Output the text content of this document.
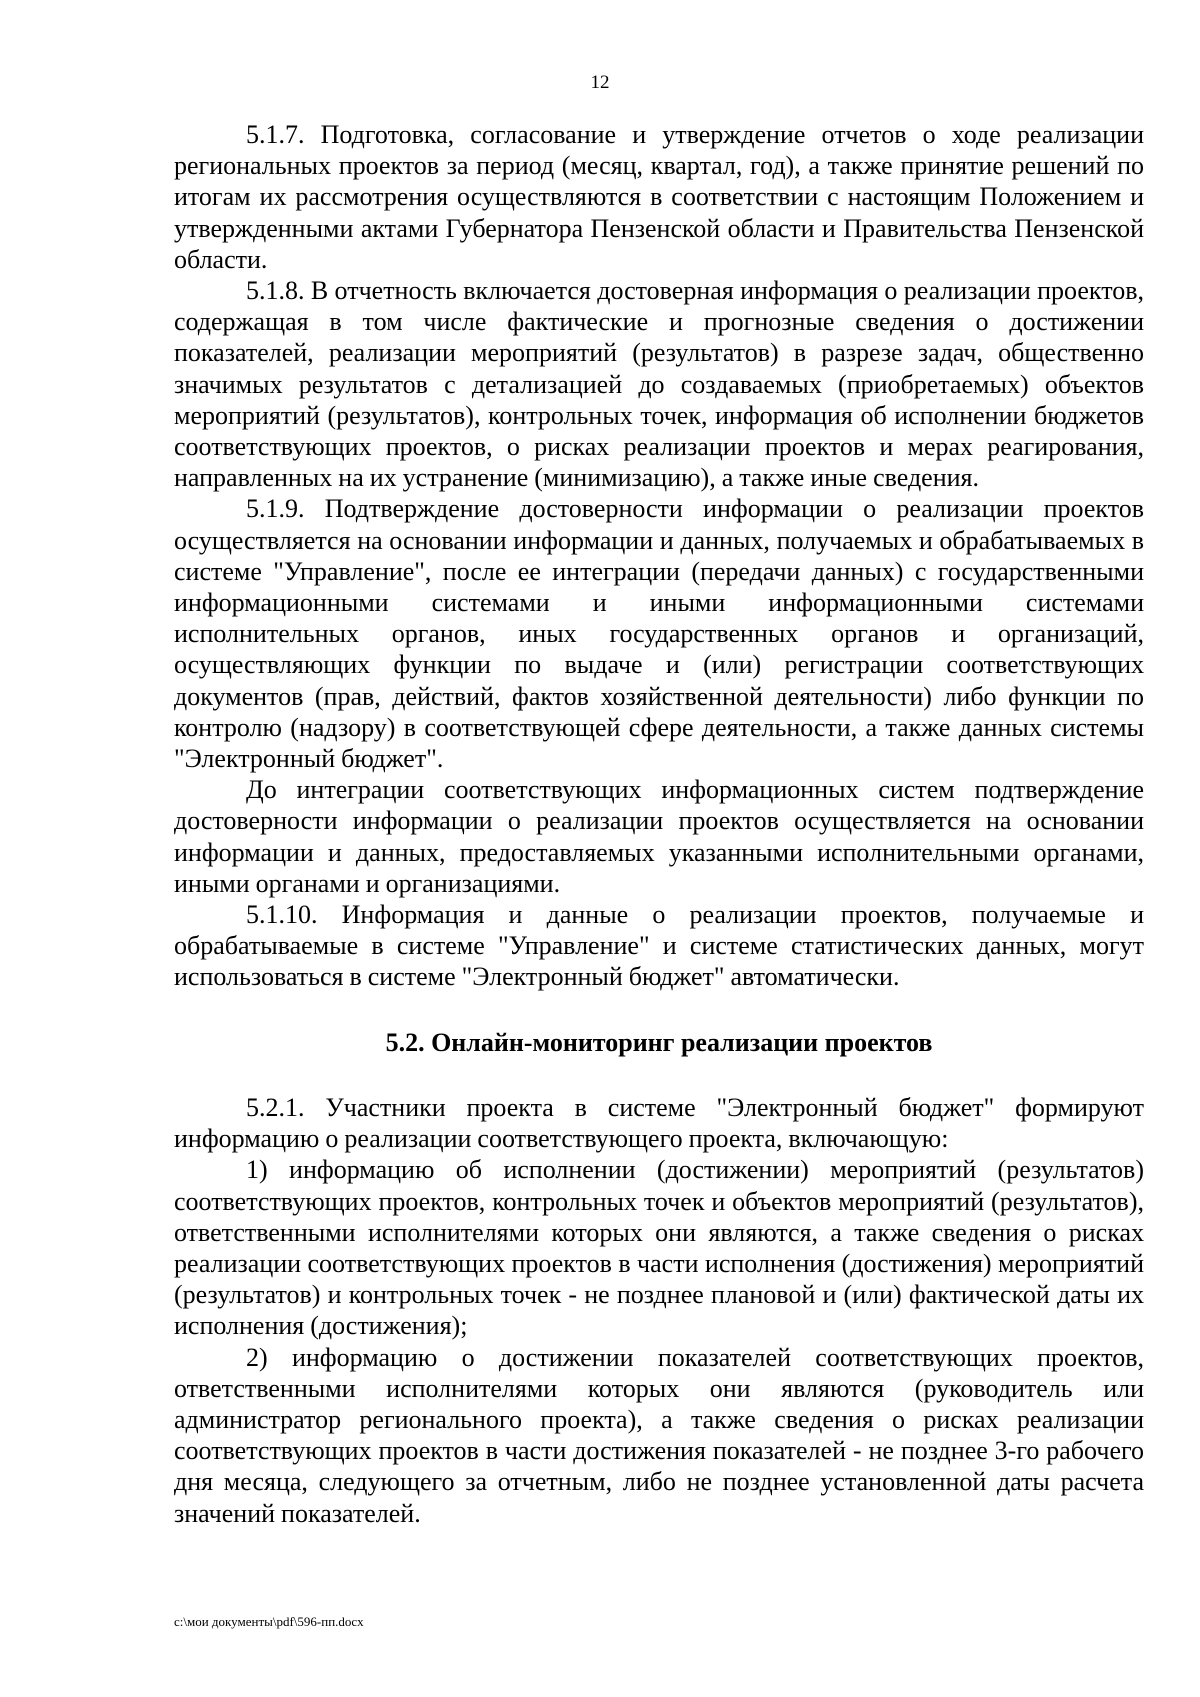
12

5.1.7. Подготовка, согласование и утверждение отчетов о ходе реализации региональных проектов за период (месяц, квартал, год), а также принятие решений по итогам их рассмотрения осуществляются в соответствии с настоящим Положением и утвержденными актами Губернатора Пензенской области и Правительства Пензенской области.

5.1.8. В отчетность включается достоверная информация о реализации проектов, содержащая в том числе фактические и прогнозные сведения о достижении показателей, реализации мероприятий (результатов) в разрезе задач, общественно значимых результатов с детализацией до создаваемых (приобретаемых) объектов мероприятий (результатов), контрольных точек, информация об исполнении бюджетов соответствующих проектов, о рисках реализации проектов и мерах реагирования, направленных на их устранение (минимизацию), а также иные сведения.

5.1.9. Подтверждение достоверности информации о реализации проектов осуществляется на основании информации и данных, получаемых и обрабатываемых в системе "Управление", после ее интеграции (передачи данных) с государственными информационными системами и иными информационными системами исполнительных органов, иных государственных органов и организаций, осуществляющих функции по выдаче и (или) регистрации соответствующих документов (прав, действий, фактов хозяйственной деятельности) либо функции по контролю (надзору) в соответствующей сфере деятельности, а также данных системы "Электронный бюджет".

До интеграции соответствующих информационных систем подтверждение достоверности информации о реализации проектов осуществляется на основании информации и данных, предоставляемых указанными исполнительными органами, иными органами и организациями.

5.1.10. Информация и данные о реализации проектов, получаемые и обрабатываемые в системе "Управление" и системе статистических данных, могут использоваться в системе "Электронный бюджет" автоматически.

5.2. Онлайн-мониторинг реализации проектов

5.2.1. Участники проекта в системе "Электронный бюджет" формируют информацию о реализации соответствующего проекта, включающую:

1) информацию об исполнении (достижении) мероприятий (результатов) соответствующих проектов, контрольных точек и объектов мероприятий (результатов), ответственными исполнителями которых они являются, а также сведения о рисках реализации соответствующих проектов в части исполнения (достижения) мероприятий (результатов) и контрольных точек - не позднее плановой и (или) фактической даты их исполнения (достижения);

2) информацию о достижении показателей соответствующих проектов, ответственными исполнителями которых они являются (руководитель или администратор регионального проекта), а также сведения о рисках реализации соответствующих проектов в части достижения показателей - не позднее 3-го рабочего дня месяца, следующего за отчетным, либо не позднее установленной даты расчета значений показателей.

c:\мои документы\pdf\596-пп.docx
